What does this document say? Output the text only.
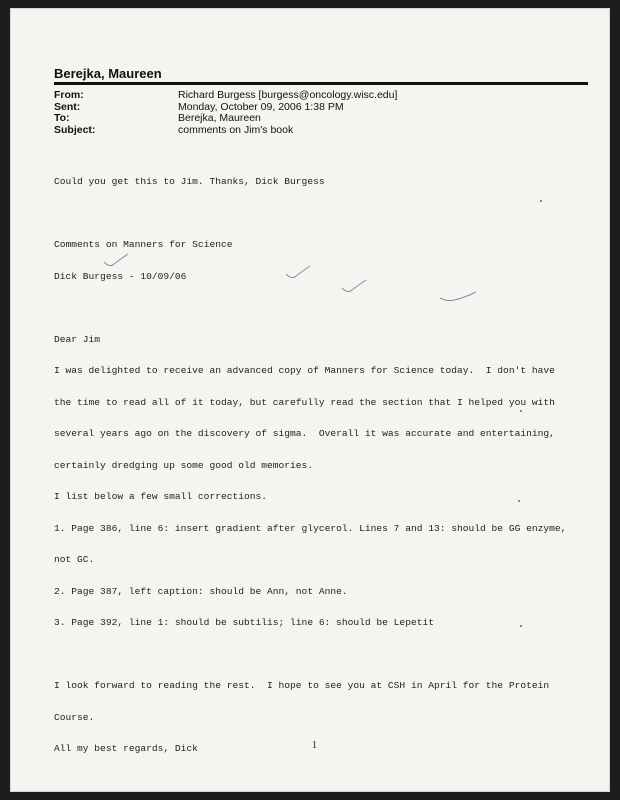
Berejka, Maureen
From:	Richard Burgess [burgess@oncology.wisc.edu]
Sent:	Monday, October 09, 2006 1:38 PM
To:	Berejka, Maureen
Subject:	comments on Jim's book

Could you get this to Jim. Thanks, Dick Burgess

Comments on Manners for Science

Dick Burgess - 10/09/06

Dear Jim

I was delighted to receive an advanced copy of Manners for Science today.  I don't have

the time to read all of it today, but carefully read the section that I helped you with

several years ago on the discovery of sigma.  Overall it was accurate and entertaining,

certainly dredging up some good old memories.

I list below a few small corrections.

1. Page 386, line 6: insert gradient after glycerol. Lines 7 and 13: should be GG enzyme,

not GC.

2. Page 387, left caption: should be Ann, not Anne.

3. Page 392, line 1: should be subtilis; line 6: should be Lepetit

I look forward to reading the rest.  I hope to see you at CSH in April for the Protein

Course.

All my best regards, Dick

	1
